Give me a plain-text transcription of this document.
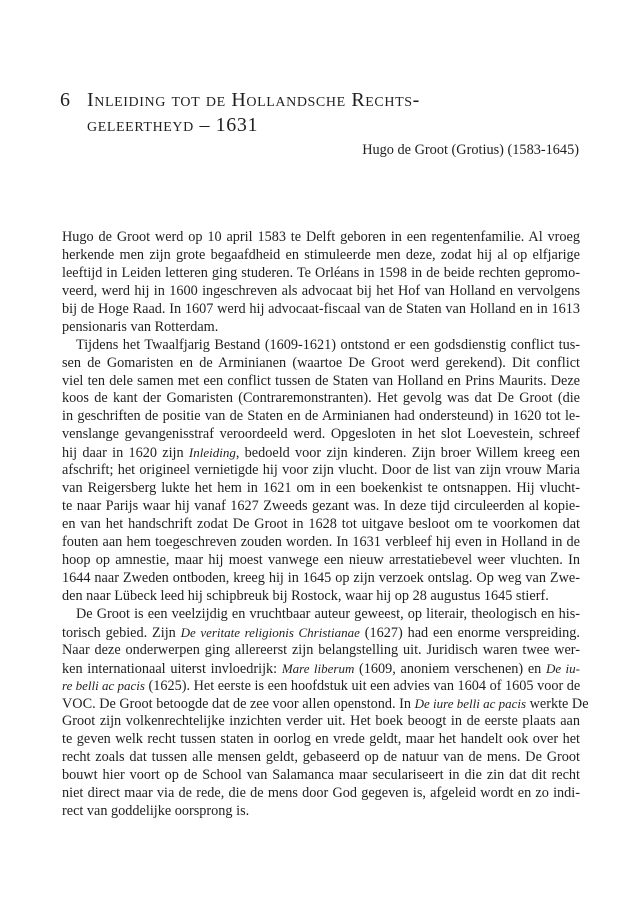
6 Inleiding tot de Hollandsche Rechts-
geleertheyd – 1631
Hugo de Groot (Grotius) (1583-1645)
Hugo de Groot werd op 10 april 1583 te Delft geboren in een regentenfamilie. Al vroeg
herkende men zijn grote begaafdheid en stimuleerde men deze, zodat hij al op elfjarige
leeftijd in Leiden letteren ging studeren. Te Orléans in 1598 in de beide rechten gepromo-
veerd, werd hij in 1600 ingeschreven als advocaat bij het Hof van Holland en vervolgens
bij de Hoge Raad. In 1607 werd hij advocaat-fiscaal van de Staten van Holland en in 1613
pensionaris van Rotterdam.
Tijdens het Twaalfjarig Bestand (1609-1621) ontstond er een godsdienstig conflict tus-
sen de Gomaristen en de Arminianen (waartoe De Groot werd gerekend). Dit conflict
viel ten dele samen met een conflict tussen de Staten van Holland en Prins Maurits. Deze
koos de kant der Gomaristen (Contraremonstranten). Het gevolg was dat De Groot (die
in geschriften de positie van de Staten en de Arminianen had ondersteund) in 1620 tot le-
venslange gevangenisstraf veroordeeld werd. Opgesloten in het slot Loevestein, schreef
hij daar in 1620 zijn Inleiding, bedoeld voor zijn kinderen. Zijn broer Willem kreeg een
afschrift; het origineel vernietigde hij voor zijn vlucht. Door de list van zijn vrouw Maria
van Reigersberg lukte het hem in 1621 om in een boekenkist te ontsnappen. Hij vlucht-
te naar Parijs waar hij vanaf 1627 Zweeds gezant was. In deze tijd circuleerden al kopie-
en van het handschrift zodat De Groot in 1628 tot uitgave besloot om te voorkomen dat
fouten aan hem toegeschreven zouden worden. In 1631 verbleef hij even in Holland in de
hoop op amnestie, maar hij moest vanwege een nieuw arrestatiebevel weer vluchten. In
1644 naar Zweden ontboden, kreeg hij in 1645 op zijn verzoek ontslag. Op weg van Zwe-
den naar Lübeck leed hij schipbreuk bij Rostock, waar hij op 28 augustus 1645 stierf.
De Groot is een veelzijdig en vruchtbaar auteur geweest, op literair, theologisch en his-
torisch gebied. Zijn De veritate religionis Christianae (1627) had een enorme verspreiding.
Naar deze onderwerpen ging allereerst zijn belangstelling uit. Juridisch waren twee wer-
ken internationaal uiterst invloedrijk: Mare liberum (1609, anoniem verschenen) en De iu-
re belli ac pacis (1625). Het eerste is een hoofdstuk uit een advies van 1604 of 1605 voor de
VOC. De Groot betoogde dat de zee voor allen openstond. In De iure belli ac pacis werkte De
Groot zijn volkenrechtelijke inzichten verder uit. Het boek beoogt in de eerste plaats aan
te geven welk recht tussen staten in oorlog en vrede geldt, maar het handelt ook over het
recht zoals dat tussen alle mensen geldt, gebaseerd op de natuur van de mens. De Groot
bouwt hier voort op de School van Salamanca maar seculariseert in die zin dat dit recht
niet direct maar via de rede, die de mens door God gegeven is, afgeleid wordt en zo indi-
rect van goddelijke oorsprong is.
